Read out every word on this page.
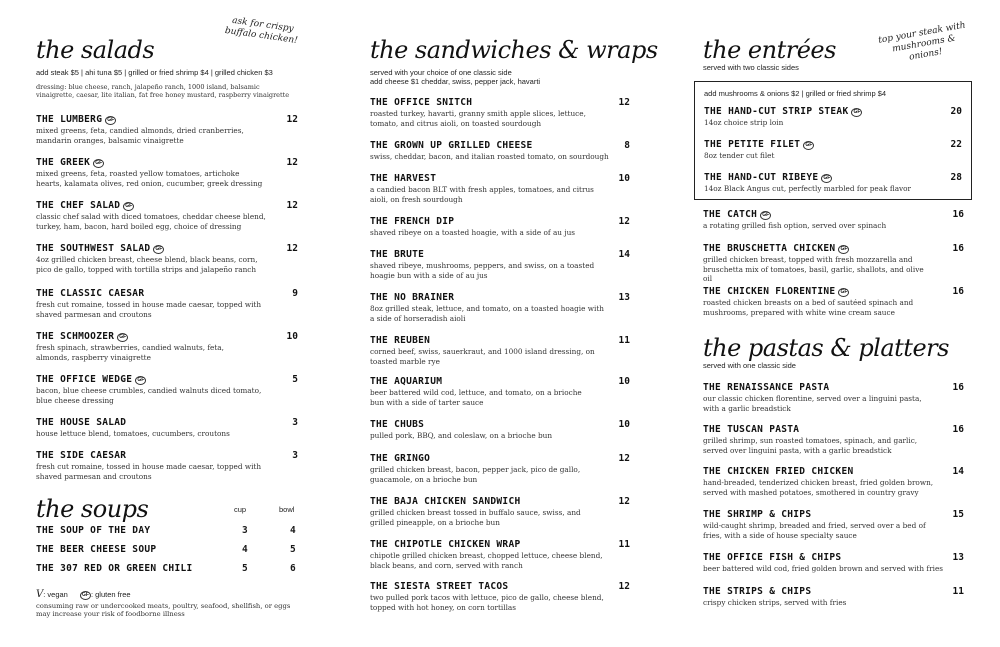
the salads
add steak $5 | ahi tuna $5 | grilled or fried shrimp $4 | grilled chicken $3
dressing: blue cheese, ranch, jalapeño ranch, 1000 island, balsamic vinaigrette, caesar, lite italian, fat free honey mustard, raspberry vinaigrette
THE LUMBERG GF	12
mixed greens, feta, candied almonds, dried cranberries, mandarin oranges, balsamic vinaigrette
THE GREEK GF	12
mixed greens, feta, roasted yellow tomatoes, artichoke hearts, kalamata olives, red onion, cucumber, greek dressing
THE CHEF SALAD GF	12
classic chef salad with diced tomatoes, cheddar cheese blend, turkey, ham, bacon, hard boiled egg, choice of dressing
THE SOUTHWEST SALAD GF	12
4oz grilled chicken breast, cheese blend, black beans, corn, pico de gallo, topped with tortilla strips and jalapeño ranch
THE CLASSIC CAESAR	9
fresh cut romaine, tossed in house made caesar, topped with shaved parmesan and croutons
THE SCHMOOZER GF	10
fresh spinach, strawberries, candied walnuts, feta, almonds, raspberry vinaigrette
THE OFFICE WEDGE GF	5
bacon, blue cheese crumbles, candied walnuts diced tomato, blue cheese dressing
THE HOUSE SALAD	3
house lettuce blend, tomatoes, cucumbers, croutons
THE SIDE CAESAR	3
fresh cut romaine, tossed in house made caesar, topped with shaved parmesan and croutons
the soups	cup	bowl
THE SOUP OF THE DAY	3	4
THE BEER CHEESE SOUP	4	5
THE 307 RED OR GREEN CHILI	5	6
V: vegan	GF : gluten free
consuming raw or undercooked meats, poultry, seafood, shellfish, or eggs may increase your risk of foodborne illness
ask for crispy buffalo chicken!
the sandwiches & wraps
served with your choice of one classic side
add cheese $1 cheddar, swiss, pepper jack, havarti
THE OFFICE SNITCH	12
roasted turkey, havarti, granny smith apple slices, lettuce, tomato, and citrus aioli, on toasted sourdough
THE GROWN UP GRILLED CHEESE	8
swiss, cheddar, bacon, and italian roasted tomato, on sourdough
THE HARVEST	10
a candied bacon BLT with fresh apples, tomatoes, and citrus aioli, on fresh sourdough
THE FRENCH DIP	12
shaved ribeye on a toasted hoagie, with a side of au jus
THE BRUTE	14
shaved ribeye, mushrooms, peppers, and swiss, on a toasted hoagie bun with a side of au jus
THE NO BRAINER	13
8oz grilled steak, lettuce, and tomato, on a toasted hoagie with a side of horseradish aioli
THE REUBEN	11
corned beef, swiss, sauerkraut, and 1000 island dressing, on toasted marble rye
THE AQUARIUM	10
beer battered wild cod, lettuce, and tomato, on a brioche bun with a side of tarter sauce
THE CHUBS	10
pulled pork, BBQ, and coleslaw, on a brioche bun
THE GRINGO	12
grilled chicken breast, bacon, pepper jack, pico de gallo, guacamole, on a brioche bun
THE BAJA CHICKEN SANDWICH	12
grilled chicken breast tossed in buffalo sauce, swiss, and grilled pineapple, on a brioche bun
THE CHIPOTLE CHICKEN WRAP	11
chipotle grilled chicken breast, chopped lettuce, cheese blend, black beans, and corn, served with ranch
THE SIESTA STREET TACOS	12
two pulled pork tacos with lettuce, pico de gallo, cheese blend, topped with hot honey, on corn tortillas
the entrées
served with two classic sides
top your steak with mushrooms & onions!
add mushrooms & onions $2 | grilled or fried shrimp $4
THE HAND-CUT STRIP STEAK GF	20
14oz choice strip loin
THE PETITE FILET GF	22
8oz tender cut filet
THE HAND-CUT RIBEYE GF	28
14oz Black Angus cut, perfectly marbled for peak flavor
THE CATCH GF	16
a rotating grilled fish option, served over spinach
THE BRUSCHETTA CHICKEN GF	16
grilled chicken breast, topped with fresh mozzarella and bruschetta mix of tomatoes, basil, garlic, shallots, and olive oil
THE CHICKEN FLORENTINE GF	16
roasted chicken breasts on a bed of sautéed spinach and mushrooms, prepared with white wine cream sauce
the pastas & platters
served with one classic side
THE RENAISSANCE PASTA	16
our classic chicken florentine, served over a linguini pasta, with a garlic breadstick
THE TUSCAN PASTA	16
grilled shrimp, sun roasted tomatoes, spinach, and garlic, served over linguini pasta, with a garlic breadstick
THE CHICKEN FRIED CHICKEN	14
hand-breaded, tenderized chicken breast, fried golden brown, served with mashed potatoes, smothered in country gravy
THE SHRIMP & CHIPS	15
wild-caught shrimp, breaded and fried, served over a bed of fries, with a side of house specialty sauce
THE OFFICE FISH & CHIPS	13
beer battered wild cod, fried golden brown and served with fries
THE STRIPS & CHIPS	11
crispy chicken strips, served with fries
